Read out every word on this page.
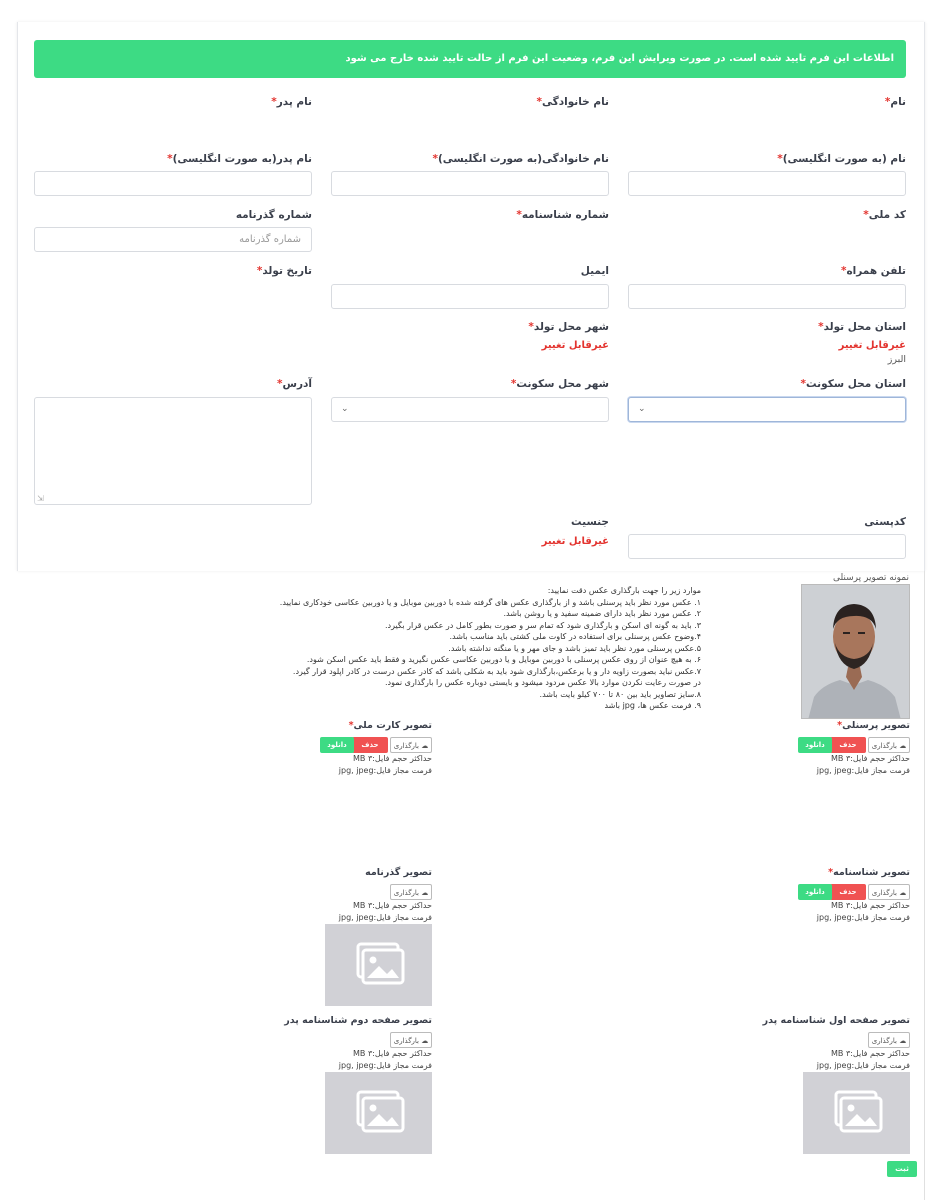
اطلاعات این فرم تایید شده است. در صورت ویرایش این فرم، وضعیت این فرم از حالت تایید شده خارج می شود
نام*
نام خانوادگی*
نام پدر*
نام (به صورت انگلیسی)*
نام خانوادگی(به صورت انگلیسی)*
نام پدر(به صورت انگلیسی)*
کد ملی*
شماره شناسنامه*
شماره گذرنامه
شماره گذرنامه
تلفن همراه*
ایمیل
تاریخ تولد*
استان محل تولد*
شهر محل تولد*
غیرقابل تغییر
غیرقابل تغییر
البرز
استان محل سکونت*
شهر محل سکونت*
آدرس*
⌄
⌄
⇲
کدپستی
جنسیت
غیرقابل تغییر
نمونه تصویر پرسنلی
موارد زیر را جهت بارگذاری عکس دقت نمایید:
۱. عکس مورد نظر باید پرسنلی باشد و از بارگذاری عکس های گرفته شده با دوربین موبایل و یا دوربین عکاسی خودکاری نمایید.
۲. عکس مورد نظر باید دارای ضمینه سفید و یا روشن باشد.
۳. باید به گونه ای اسکن و بارگذاری شود که تمام سر و صورت بطور کامل در عکس قرار بگیرد.
۴.وضوح عکس پرسنلی برای استفاده در کاوت ملی کشتی باید مناسب باشد.
۵.عکس پرسنلی مورد نظر باید تمیز باشد و جای مهر و یا منگنه نداشته باشد.
۶. به هیچ عنوان از روی عکس پرسنلی با دوربین موبایل و یا دوربین عکاسی عکس نگیرید و فقط باید عکس اسکن شود.
۷.عکس نباید بصورت زاویه دار و یا برعکس،بارگذاری شود باید به شکلی باشد که کادر عکس درست در کادر اپلود قرار گیرد.
در صورت رعایت نکردن موارد بالا عکس مردود میشود و بایستی دوباره عکس را بارگذاری نمود.
۸.سایز تصاویر باید بین ۸۰ تا ۷۰۰ کیلو بایت باشد.
۹. فرمت عکس ها، jpg باشد
تصویر پرسنلی*
☁ بارگذاری
حذف
دانلود
حداکثر حجم فایل:۳ MB
فرمت مجاز فایل:jpg, jpeg
تصویر کارت ملی*
☁ بارگذاری
حذف
دانلود
حداکثر حجم فایل:۳ MB
فرمت مجاز فایل:jpg, jpeg
تصویر شناسنامه*
☁ بارگذاری
حذف
دانلود
حداکثر حجم فایل:۳ MB
فرمت مجاز فایل:jpg, jpeg
تصویر گذرنامه
☁ بارگذاری
حداکثر حجم فایل:۳ MB
فرمت مجاز فایل:jpg, jpeg
تصویر صفحه اول شناسنامه پدر
☁ بارگذاری
حداکثر حجم فایل:۳ MB
فرمت مجاز فایل:jpg, jpeg
تصویر صفحه دوم شناسنامه پدر
☁ بارگذاری
حداکثر حجم فایل:۳ MB
فرمت مجاز فایل:jpg, jpeg
ثبت
